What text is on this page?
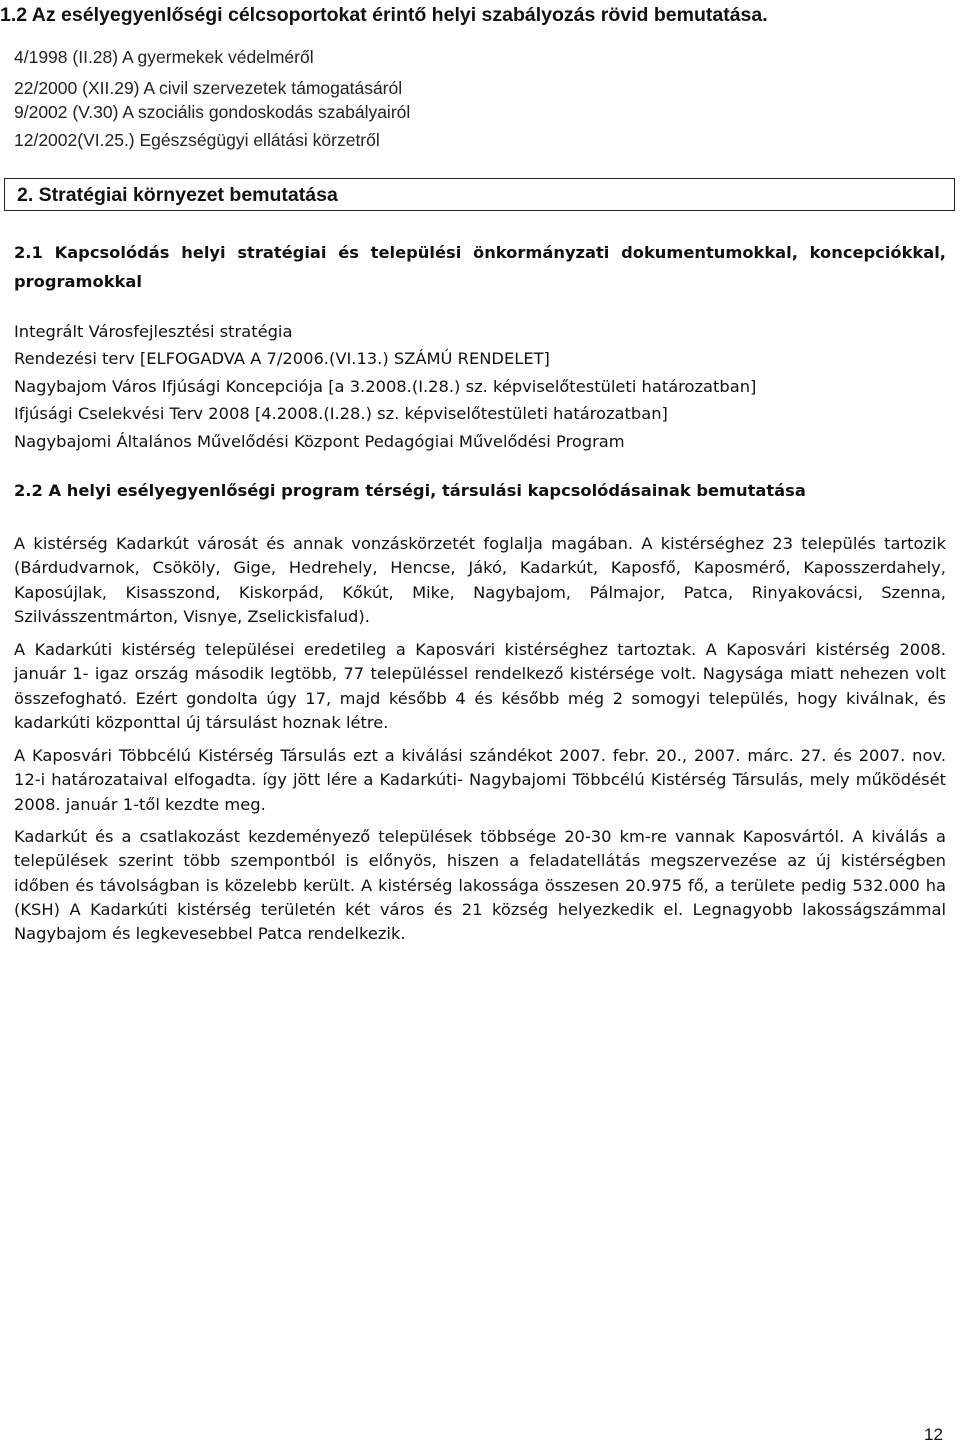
1.2 Az esélyegyenlőségi célcsoportokat érintő helyi szabályozás rövid bemutatása.
4/1998 (II.28) A gyermekek védelméről
22/2000 (XII.29) A civil szervezetek támogatásáról
9/2002 (V.30) A szociális gondoskodás szabályairól
12/2002(VI.25.) Egészségügyi ellátási körzetről
2. Stratégiai környezet bemutatása
2.1 Kapcsolódás helyi stratégiai és települési önkormányzati dokumentumokkal, koncepciókkal, programokkal
Integrált Városfejlesztési stratégia
Rendezési terv [ELFOGADVA A 7/2006.(VI.13.) SZÁMÚ RENDELET]
Nagybajom Város Ifjúsági Koncepciója [a 3.2008.(I.28.) sz. képviselőtestületi határozatban]
Ifjúsági Cselekvési Terv 2008 [4.2008.(I.28.) sz. képviselőtestületi határozatban]
Nagybajomi Általános Művelődési Központ Pedagógiai Művelődési Program
2.2 A helyi esélyegyenlőségi program térségi, társulási kapcsolódásainak bemutatása

A kistérség Kadarkút városát és annak vonzáskörzetét foglalja magában. A kistérséghez 23 település tartozik (Bárdudvarnok, Csököly, Gige, Hedrehely, Hencse, Jákó, Kadarkút, Kaposfő, Kaposmérő, Kaposszerdahely, Kaposújlak, Kisasszond, Kiskorpád, Kőkút, Mike, Nagybajom, Pálmajor, Patca, Rinyakovácsi, Szenna, Szilvásszentmárton, Visnye, Zselickisfalud).

A Kadarkúti kistérség települései eredetileg a Kaposvári kistérséghez tartoztak. A Kaposvári kistérség 2008. január 1- igaz ország második legtöbb, 77 településsel rendelkező kistérsége volt. Nagysága miatt nehezen volt összefogható. Ezért gondolta úgy 17, majd később 4 és később még 2 somogyi település, hogy kiválnak, és kadarkúti központtal új társulást hoznak létre.

A Kaposvári Többcélú Kistérség Társulás ezt a kiválási szándékot 2007. febr. 20., 2007. márc. 27. és 2007. nov. 12-i határozataival elfogadta. így jött lére a Kadarkúti- Nagybajomi Többcélú Kistérség Társulás, mely működését 2008. január 1-től kezdte meg.

Kadarkút és a csatlakozást kezdeményező települések többsége 20-30 km-re vannak Kaposvártól. A kiválás a települések szerint több szempontból is előnyös, hiszen a feladatellátás megszervezése az új kistérségben időben és távolságban is közelebb került. A kistérség lakossága összesen 20.975 fő, a területe pedig 532.000 ha (KSH) A Kadarkúti kistérség területén két város és 21 község helyezkedik el. Legnagyobb lakosságszámmal Nagybajom és legkevesebbel Patca rendelkezik.

12
